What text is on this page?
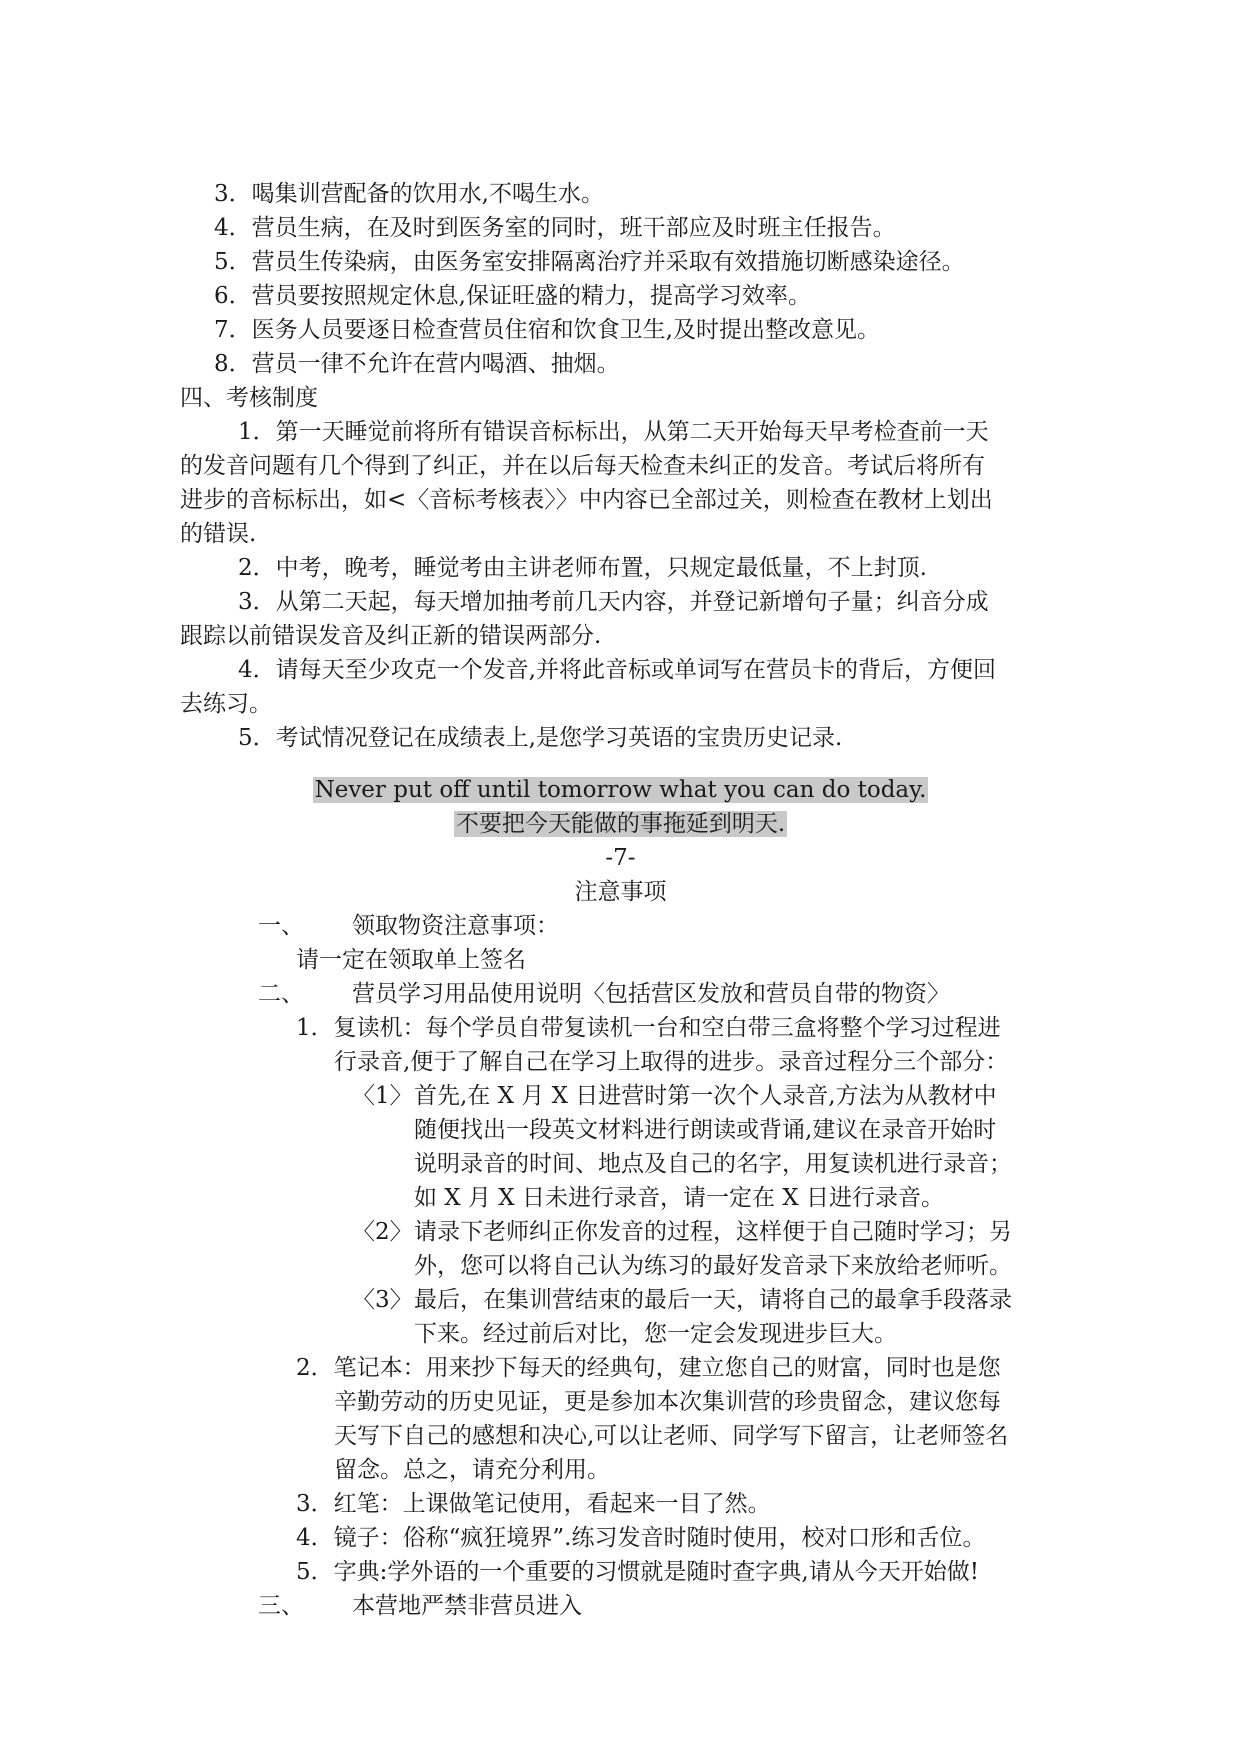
3．喝集训营配备的饮用水,不喝生水。
4．营员生病，在及时到医务室的同时，班干部应及时班主任报告。
5．营员生传染病，由医务室安排隔离治疗并采取有效措施切断感染途径。
6．营员要按照规定休息,保证旺盛的精力，提高学习效率。
7．医务人员要逐日检查营员住宿和饮食卫生,及时提出整改意见。
8．营员一律不允许在营内喝酒、抽烟。
四、考核制度
1．第一天睡觉前将所有错误音标标出，从第二天开始每天早考检查前一天
的发音问题有几个得到了纠正，并在以后每天检查未纠正的发音。考试后将所有
进步的音标标出，如<〈音标考核表〉〉中内容已全部过关，则检查在教材上划出
的错误.
2．中考，晚考，睡觉考由主讲老师布置，只规定最低量，不上封顶.
3．从第二天起，每天增加抽考前几天内容，并登记新增句子量；纠音分成
跟踪以前错误发音及纠正新的错误两部分.
4．请每天至少攻克一个发音,并将此音标或单词写在营员卡的背后，方便回
去练习。
5．考试情况登记在成绩表上,是您学习英语的宝贵历史记录.
Never put off until tomorrow what you can do today.
不要把今天能做的事拖延到明天.
-7-
注意事项
一、 领取物资注意事项：
请一定在领取单上签名
二、 营员学习用品使用说明〈包括营区发放和营员自带的物资〉
1．复读机：每个学员自带复读机一台和空白带三盒将整个学习过程进
行录音,便于了解自己在学习上取得的进步。录音过程分三个部分：
〈1〉 首先,在 X 月 X 日进营时第一次个人录音,方法为从教材中
随便找出一段英文材料进行朗读或背诵,建议在录音开始时
说明录音的时间、地点及自己的名字，用复读机进行录音；
如 X 月 X 日未进行录音，请一定在 X 日进行录音。
〈2〉 请录下老师纠正你发音的过程，这样便于自己随时学习；另
外，您可以将自己认为练习的最好发音录下来放给老师听。
〈3〉 最后，在集训营结束的最后一天，请将自己的最拿手段落录
下来。经过前后对比，您一定会发现进步巨大。
2．笔记本：用来抄下每天的经典句，建立您自己的财富，同时也是您
辛勤劳动的历史见证，更是参加本次集训营的珍贵留念，建议您每
天写下自己的感想和决心,可以让老师、同学写下留言，让老师签名
留念。总之，请充分利用。
3．红笔：上课做笔记使用，看起来一目了然。
4．镜子：俗称“疯狂境界”.练习发音时随时使用，校对口形和舌位。
5．字典:学外语的一个重要的习惯就是随时查字典,请从今天开始做!
三、 本营地严禁非营员进入
